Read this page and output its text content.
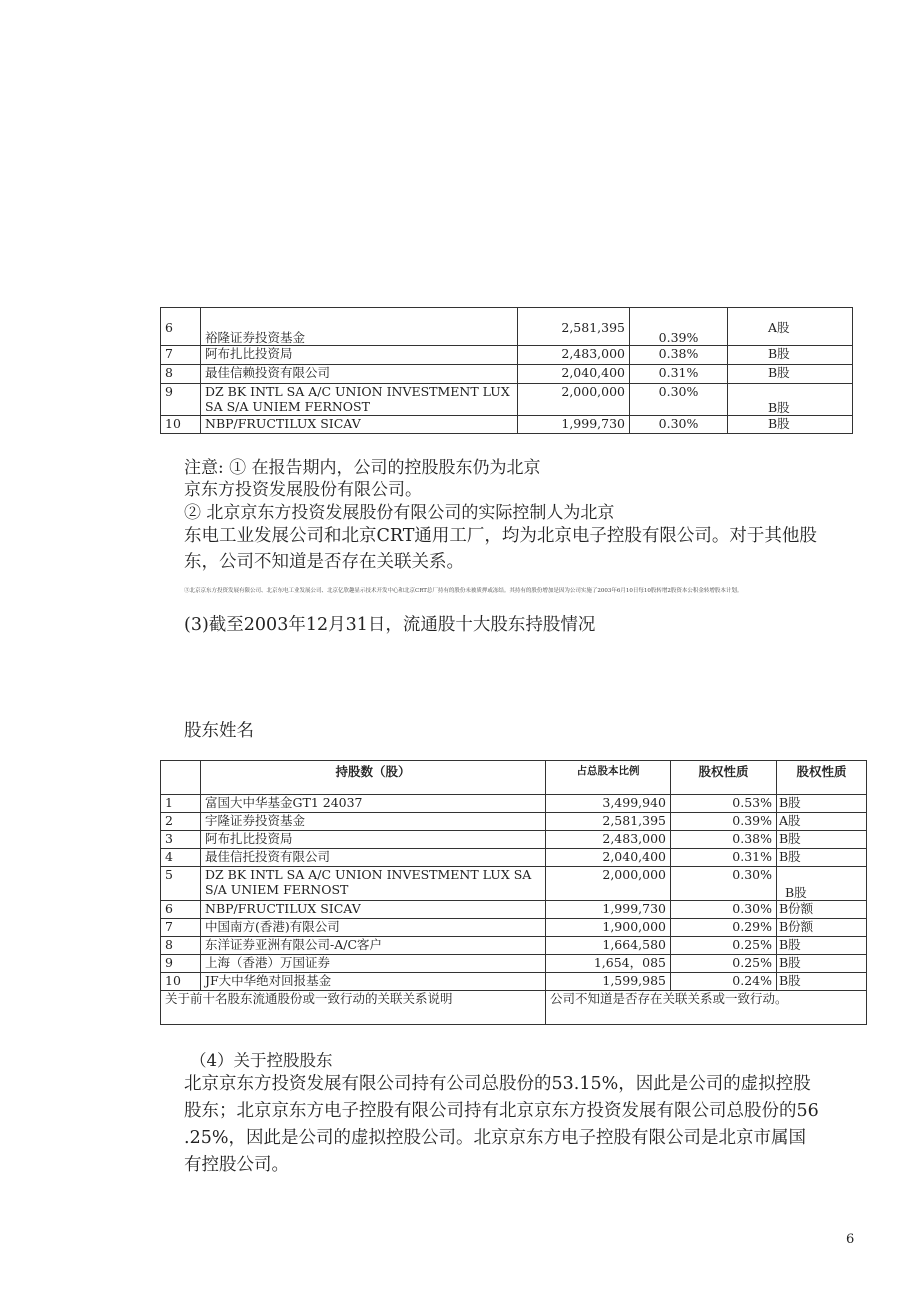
6	裕隆证券投资基金	2,581,395	0.39%	A股
7	阿布扎比投资局	2,483,000	0.38%	B股
8	最佳信赖投资有限公司	2,040,400	0.31%	B股
9	DZ BK INTL SA A/C UNION INVESTMENT LUX SA S/A UNIEM FERNOST	2,000,000	0.30%	B股
10	NBP/FRUCTILUX SICAV	1,999,730	0.30%	B股
注意: ① 在报告期内，公司的控股股东仍为北京
京东方投资发展股份有限公司。
② 北京京东方投资发展股份有限公司的实际控制人为北京
东电工业发展公司和北京CRT通用工厂，均为北京电子控股有限公司。对于其他股
东，公司不知道是否存在关联关系。
③北京京东方投资发展有限公司、北京东电工业发展公司、北京亿欣趣显示技术开发中心和北京CRT总厂持有的股份未被质押或冻结。其持有的股份增加是因为公司实施了2003年6月10日每10股转增2股资本公积金转增股本计划。
(3)截至2003年12月31日，流通股十大股东持股情况
股东姓名
	持股数（股）	占总股本比例	股权性质	股权性质
1	富国大中华基金GT1 24037	3,499,940	0.53%	B股
2	宇隆证券投资基金	2,581,395	0.39%	A股
3	阿布扎比投资局	2,483,000	0.38%	B股
4	最佳信托投资有限公司	2,040,400	0.31%	B股
5	DZ BK INTL SA A/C UNION INVESTMENT LUX SA S/A UNIEM FERNOST	2,000,000	0.30%	B股
6	NBP/FRUCTILUX SICAV	1,999,730	0.30%	B份额
7	中国南方(香港)有限公司	1,900,000	0.29%	B份额
8	东洋证券亚洲有限公司-A/C客户	1,664,580	0.25%	B股
9	上海（香港）万国证券	1,654，085	0.25%	B股
10	JF大中华绝对回报基金	1,599,985	0.24%	B股
关于前十名股东流通股份或一致行动的关联关系说明		公司不知道是否存在关联关系或一致行动。		
（4）关于控股股东
北京京东方投资发展有限公司持有公司总股份的53.15%，因此是公司的虚拟控股
股东；北京京东方电子控股有限公司持有北京京东方投资发展有限公司总股份的56
.25%，因此是公司的虚拟控股公司。北京京东方电子控股有限公司是北京市属国
有控股公司。
6
